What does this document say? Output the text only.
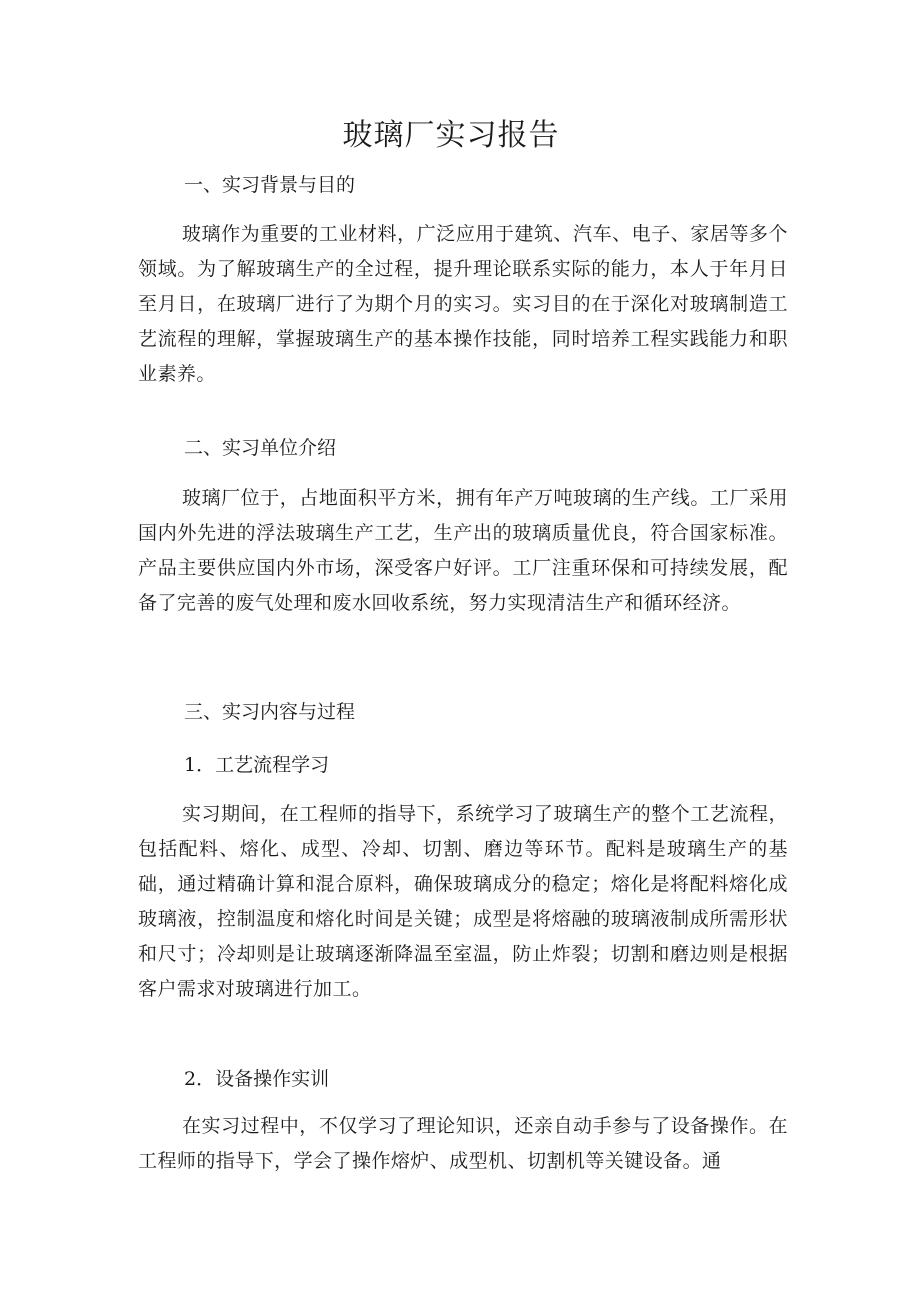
玻璃厂实习报告
一、实习背景与目的
玻璃作为重要的工业材料，广泛应用于建筑、汽车、电子、家居等多个领域。为了解玻璃生产的全过程，提升理论联系实际的能力，本人于年月日至月日，在玻璃厂进行了为期个月的实习。实习目的在于深化对玻璃制造工艺流程的理解，掌握玻璃生产的基本操作技能，同时培养工程实践能力和职业素养。
二、实习单位介绍
玻璃厂位于，占地面积平方米，拥有年产万吨玻璃的生产线。工厂采用国内外先进的浮法玻璃生产工艺，生产出的玻璃质量优良，符合国家标准。产品主要供应国内外市场，深受客户好评。工厂注重环保和可持续发展，配备了完善的废气处理和废水回收系统，努力实现清洁生产和循环经济。
三、实习内容与过程
1．工艺流程学习
实习期间，在工程师的指导下，系统学习了玻璃生产的整个工艺流程，包括配料、熔化、成型、冷却、切割、磨边等环节。配料是玻璃生产的基础，通过精确计算和混合原料，确保玻璃成分的稳定；熔化是将配料熔化成玻璃液，控制温度和熔化时间是关键；成型是将熔融的玻璃液制成所需形状和尺寸；冷却则是让玻璃逐渐降温至室温，防止炸裂；切割和磨边则是根据客户需求对玻璃进行加工。
2．设备操作实训
在实习过程中，不仅学习了理论知识，还亲自动手参与了设备操作。在工程师的指导下，学会了操作熔炉、成型机、切割机等关键设备。通
